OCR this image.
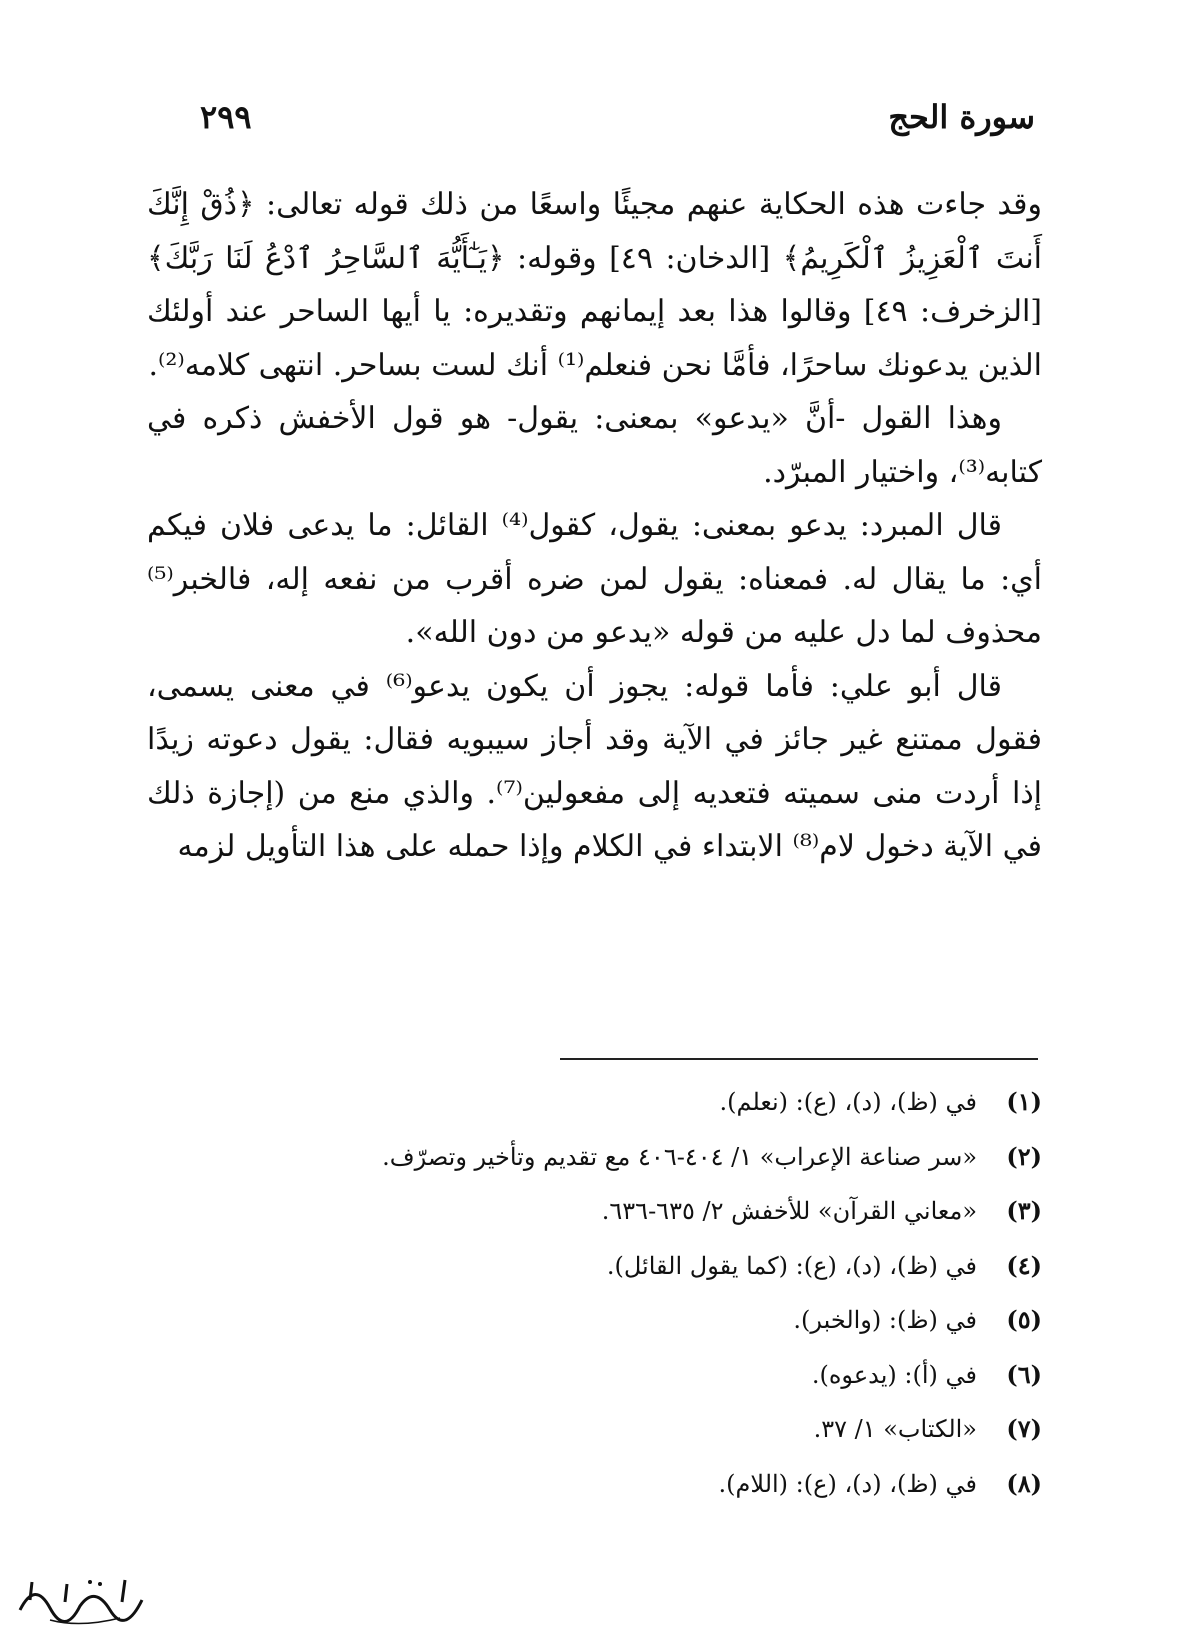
سورة الحج
٢٩٩

وقد جاءت هذه الحكاية عنهم مجيئًا واسعًا من ذلك قوله تعالى: ﴿ذُقْ إِنَّكَ أَنتَ ٱلْعَزِيزُ ٱلْكَرِيمُ﴾ [الدخان: ٤٩] وقوله: ﴿يَـٰٓأَيُّهَ ٱلسَّاحِرُ ٱدْعُ لَنَا رَبَّكَ﴾ [الزخرف: ٤٩] وقالوا هذا بعد إيمانهم وتقديره: يا أيها الساحر عند أولئك الذين يدعونك ساحرًا، فأمَّا نحن فنعلم⁽¹⁾ أنك لست بساحر. انتهى كلامه⁽²⁾.

وهذا القول -أنَّ «يدعو» بمعنى: يقول- هو قول الأخفش ذكره في كتابه⁽³⁾، واختيار المبرّد.

قال المبرد: يدعو بمعنى: يقول، كقول⁽⁴⁾ القائل: ما يدعى فلان فيكم أي: ما يقال له. فمعناه: يقول لمن ضره أقرب من نفعه إله، فالخبر⁽⁵⁾ محذوف لما دل عليه من قوله «يدعو من دون الله».

قال أبو علي: فأما قوله: يجوز أن يكون يدعو⁽⁶⁾ في معنى يسمى، فقول ممتنع غير جائز في الآية وقد أجاز سيبويه فقال: يقول دعوته زيدًا إذا أردت منى سميته فتعديه إلى مفعولين⁽⁷⁾. والذي منع من (إجازة ذلك في الآية دخول لام⁽⁸⁾ الابتداء في الكلام وإذا حمله على هذا التأويل لزمه

(١)
في (ظ)، (د)، (ع): (نعلم).
(٢)
«سر صناعة الإعراب» ١/ ٤٠٤-٤٠٦ مع تقديم وتأخير وتصرّف.
(٣)
«معاني القرآن» للأخفش ٢/ ٦٣٥-٦٣٦.
(٤)
في (ظ)، (د)، (ع): (كما يقول القائل).
(٥)
في (ظ): (والخبر).
(٦)
في (أ): (يدعوه).
(٧)
«الكتاب» ١/ ٣٧.
(٨)
في (ظ)، (د)، (ع): (اللام).
